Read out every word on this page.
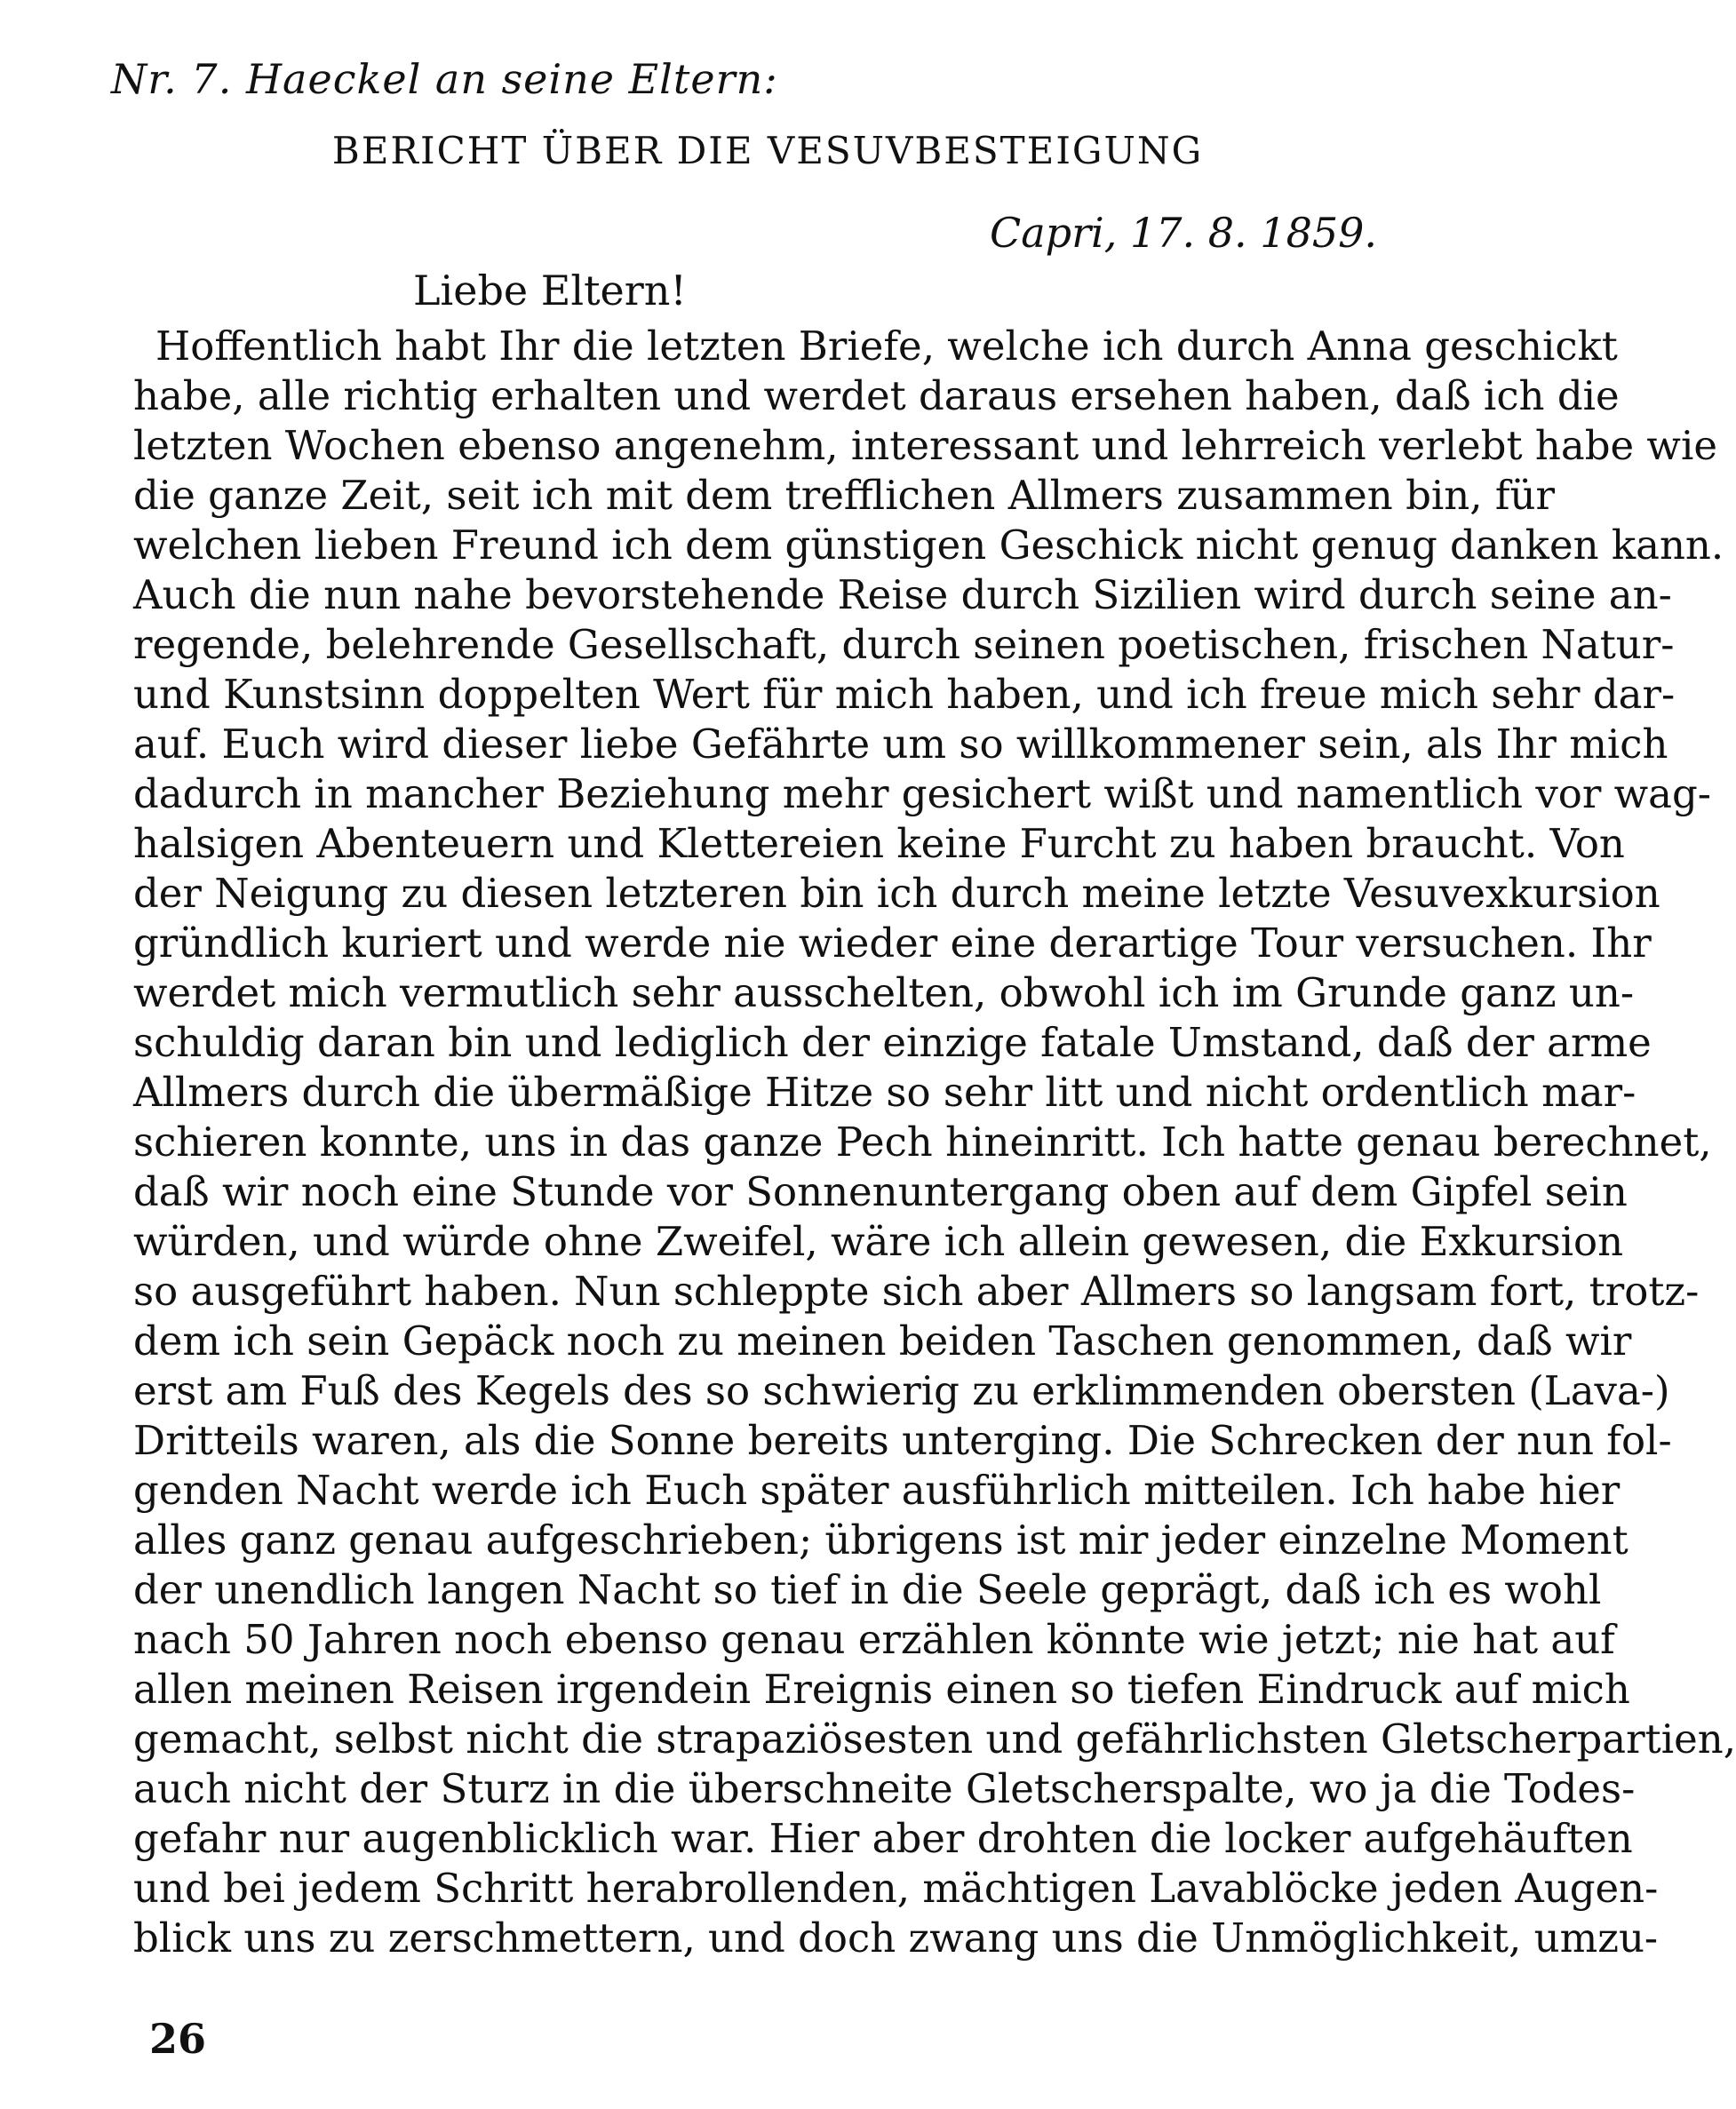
Nr. 7. Haeckel an seine Eltern:
BERICHT ÜBER DIE VESUVBESTEIGUNG
Capri, 17. 8. 1859.
Liebe Eltern!
Hoffentlich habt Ihr die letzten Briefe, welche ich durch Anna geschickt
habe, alle richtig erhalten und werdet daraus ersehen haben, daß ich die
letzten Wochen ebenso angenehm, interessant und lehrreich verlebt habe wie
die ganze Zeit, seit ich mit dem trefflichen Allmers zusammen bin, für
welchen lieben Freund ich dem günstigen Geschick nicht genug danken kann.
Auch die nun nahe bevorstehende Reise durch Sizilien wird durch seine an-
regende, belehrende Gesellschaft, durch seinen poetischen, frischen Natur-
und Kunstsinn doppelten Wert für mich haben, und ich freue mich sehr dar-
auf. Euch wird dieser liebe Gefährte um so willkommener sein, als Ihr mich
dadurch in mancher Beziehung mehr gesichert wißt und namentlich vor wag-
halsigen Abenteuern und Klettereien keine Furcht zu haben braucht. Von
der Neigung zu diesen letzteren bin ich durch meine letzte Vesuvexkursion
gründlich kuriert und werde nie wieder eine derartige Tour versuchen. Ihr
werdet mich vermutlich sehr ausschelten, obwohl ich im Grunde ganz un-
schuldig daran bin und lediglich der einzige fatale Umstand, daß der arme
Allmers durch die übermäßige Hitze so sehr litt und nicht ordentlich mar-
schieren konnte, uns in das ganze Pech hineinritt. Ich hatte genau berechnet,
daß wir noch eine Stunde vor Sonnenuntergang oben auf dem Gipfel sein
würden, und würde ohne Zweifel, wäre ich allein gewesen, die Exkursion
so ausgeführt haben. Nun schleppte sich aber Allmers so langsam fort, trotz-
dem ich sein Gepäck noch zu meinen beiden Taschen genommen, daß wir
erst am Fuß des Kegels des so schwierig zu erklimmenden obersten (Lava-)
Dritteils waren, als die Sonne bereits unterging. Die Schrecken der nun fol-
genden Nacht werde ich Euch später ausführlich mitteilen. Ich habe hier
alles ganz genau aufgeschrieben; übrigens ist mir jeder einzelne Moment
der unendlich langen Nacht so tief in die Seele geprägt, daß ich es wohl
nach 50 Jahren noch ebenso genau erzählen könnte wie jetzt; nie hat auf
allen meinen Reisen irgendein Ereignis einen so tiefen Eindruck auf mich
gemacht, selbst nicht die strapaziösesten und gefährlichsten Gletscherpartien,
auch nicht der Sturz in die überschneite Gletscherspalte, wo ja die Todes-
gefahr nur augenblicklich war. Hier aber drohten die locker aufgehäuften
und bei jedem Schritt herabrollenden, mächtigen Lavablöcke jeden Augen-
blick uns zu zerschmettern, und doch zwang uns die Unmöglichkeit, umzu-
26
